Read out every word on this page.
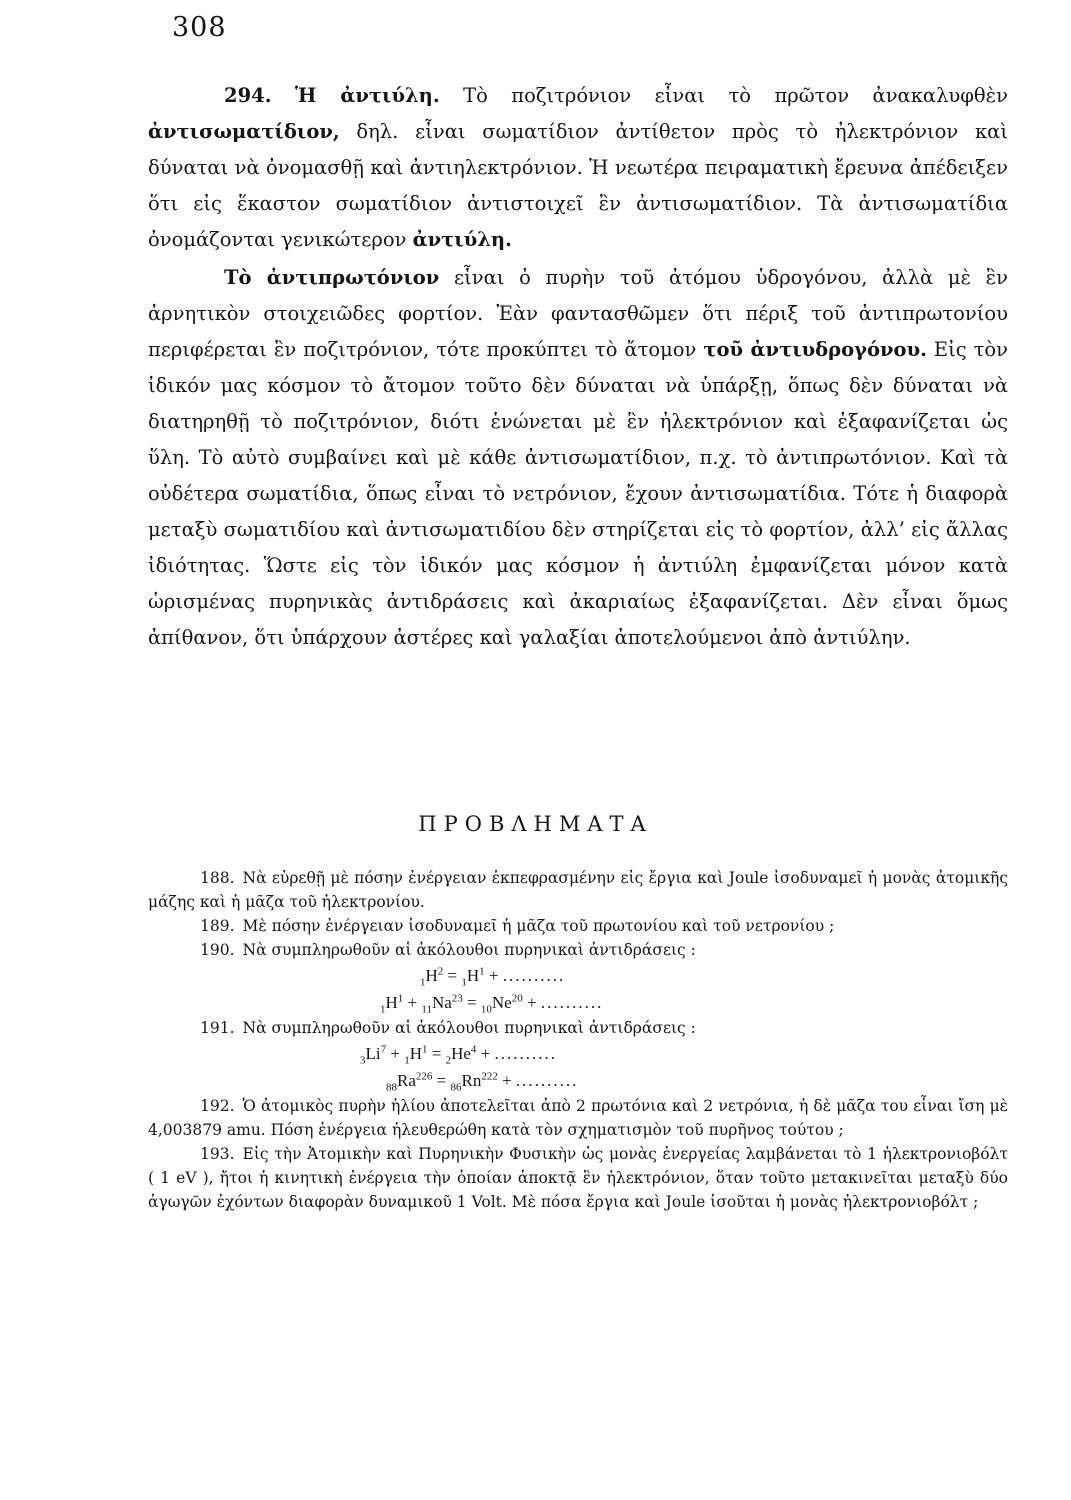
308

294. Ἡ ἀντιύλη. Τὸ ποζιτρόνιον εἶναι τὸ πρῶτον ἀνακαλυφθὲν ἀντισωματίδιον, δηλ. εἶναι σωματίδιον ἀντίθετον πρὸς τὸ ἠλεκτρόνιον καὶ δύναται νὰ ὀνομασθῇ καὶ ἀντιηλεκτρόνιον. Ἡ νεωτέρα πειραματικὴ ἔρευνα ἀπέδειξεν ὅτι εἰς ἕκαστον σωματίδιον ἀντιστοιχεῖ ἓν ἀντισωματίδιον. Τὰ ἀντισωματίδια ὀνομάζονται γενικώτερον ἀντιύλη.

Τὸ ἀντιπρωτόνιον εἶναι ὁ πυρὴν τοῦ ἀτόμου ὑδρογόνου, ἀλλὰ μὲ ἓν ἀρνητικὸν στοιχειῶδες φορτίον. Ἐὰν φαντασθῶμεν ὅτι πέριξ τοῦ ἀντιπρωτονίου περιφέρεται ἓν ποζιτρόνιον, τότε προκύπτει τὸ ἄτομον τοῦ ἀντιυδρογόνου. Εἰς τὸν ἰδικόν μας κόσμον τὸ ἄτομον τοῦτο δὲν δύναται νὰ ὑπάρξῃ, ὅπως δὲν δύναται νὰ διατηρηθῇ τὸ ποζιτρόνιον, διότι ἑνώνεται μὲ ἓν ἠλεκτρόνιον καὶ ἐξαφανίζεται ὡς ὕλη. Τὸ αὐτὸ συμβαίνει καὶ μὲ κάθε ἀντισωματίδιον, π.χ. τὸ ἀντιπρωτόνιον. Καὶ τὰ οὐδέτερα σωματίδια, ὅπως εἶναι τὸ νετρόνιον, ἔχουν ἀντισωματίδια. Τότε ἡ διαφορὰ μεταξὺ σωματιδίου καὶ ἀντισωματιδίου δὲν στηρίζεται εἰς τὸ φορτίον, ἀλλ’ εἰς ἄλλας ἰδιότητας. Ὥστε εἰς τὸν ἰδικόν μας κόσμον ἡ ἀντιύλη ἐμφανίζεται μόνον κατὰ ὡρισμένας πυρηνικὰς ἀντιδράσεις καὶ ἀκαριαίως ἐξαφανίζεται. Δὲν εἶναι ὅμως ἀπίθανον, ὅτι ὑπάρχουν ἀστέρες καὶ γαλαξίαι ἀποτελούμενοι ἀπὸ ἀντιύλην.

ΠΡΟΒΛΗΜΑΤΑ

188. Νὰ εὑρεθῇ μὲ πόσην ἐνέργειαν ἐκπεφρασμένην εἰς ἔργια καὶ Joule ἰσοδυναμεῖ ἡ μονὰς ἀτομικῆς μάζης καὶ ἡ μᾶζα τοῦ ἠλεκτρονίου.

189. Μὲ πόσην ἐνέργειαν ἰσοδυναμεῖ ἡ μᾶζα τοῦ πρωτονίου καὶ τοῦ νετρονίου ;

190. Νὰ συμπληρωθοῦν αἱ ἀκόλουθοι πυρηνικαὶ ἀντιδράσεις :

$_1H^2 = _1H^1$ + ..........

$_1H^1 + _{11}Na^{23} = _{10}Ne^{20}$ + ..........

191. Νὰ συμπληρωθοῦν αἱ ἀκόλουθοι πυρηνικαὶ ἀντιδράσεις :

$_3Li^7 + _1H^1 = _2He^4$ + ..........

$_{88}Ra^{226} = _{86}Rn^{222}$ + ..........

192. Ὁ ἀτομικὸς πυρὴν ἡλίου ἀποτελεῖται ἀπὸ 2 πρωτόνια καὶ 2 νετρόνια, ἡ δὲ μᾶζα του εἶναι ἴση μὲ 4,003879 amu. Πόση ἐνέργεια ἠλευθερώθη κατὰ τὸν σχηματισμὸν τοῦ πυρῆνος τούτου ;

193. Εἰς τὴν Ἀτομικὴν καὶ Πυρηνικὴν Φυσικὴν ὡς μονὰς ἐνεργείας λαμβάνεται τὸ 1 ἠλεκτρονιοβόλτ ( 1 eV ), ἤτοι ἡ κινητικὴ ἐνέργεια τὴν ὁποίαν ἀποκτᾷ ἓν ἠλεκτρόνιον, ὅταν τοῦτο μετακινεῖται μεταξὺ δύο ἀγωγῶν ἐχόντων διαφορὰν δυναμικοῦ 1 Volt. Μὲ πόσα ἔργια καὶ Joule ἰσοῦται ἡ μονὰς ἠλεκτρονιοβόλτ ;
